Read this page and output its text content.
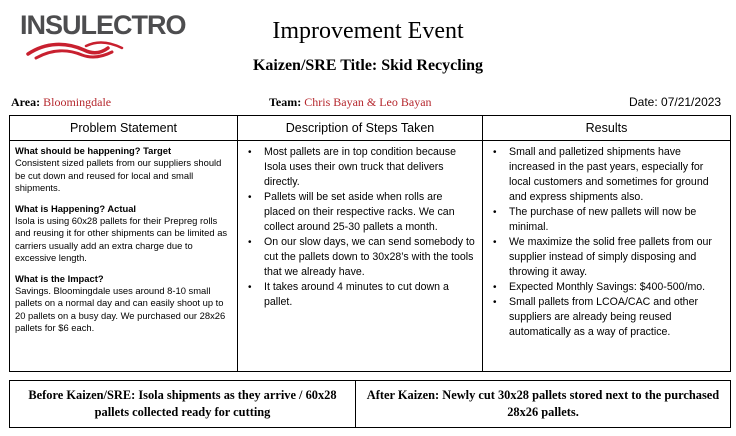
INSULECTRO	Improvement Event
Kaizen/SRE Title: Skid Recycling
Area: Bloomingdale	Team: Chris Bayan & Leo Bayan	Date: 07/21/2023
Problem Statement
What should be happening? Target
Consistent sized pallets from our suppliers should be cut down and reused for local and small shipments.
What is Happening? Actual
Isola is using 60x28 pallets for their Prepreg rolls and reusing it for other shipments can be limited as carriers usually add an extra charge due to excessive length.
What is the Impact?
Savings. Bloomingdale uses around 8-10 small pallets on a normal day and can easily shoot up to 20 pallets on a busy day. We purchased our 28x26 pallets for $6 each.
Description of Steps Taken
• Most pallets are in top condition because Isola uses their own truck that delivers directly.
• Pallets will be set aside when rolls are placed on their respective racks. We can collect around 25-30 pallets a month.
• On our slow days, we can send somebody to cut the pallets down to 30x28’s with the tools that we already have.
• It takes around 4 minutes to cut down a pallet.
Results
• Small and palletized shipments have increased in the past years, especially for local customers and sometimes for ground and express shipments also.
• The purchase of new pallets will now be minimal.
• We maximize the solid free pallets from our supplier instead of simply disposing and throwing it away.
• Expected Monthly Savings: $400-500/mo.
• Small pallets from LCOA/CAC and other suppliers are already being reused automatically as a way of practice.
Before Kaizen/SRE: Isola shipments as they arrive / 60x28 pallets collected ready for cutting
After Kaizen: Newly cut 30x28 pallets stored next to the purchased 28x26 pallets.
